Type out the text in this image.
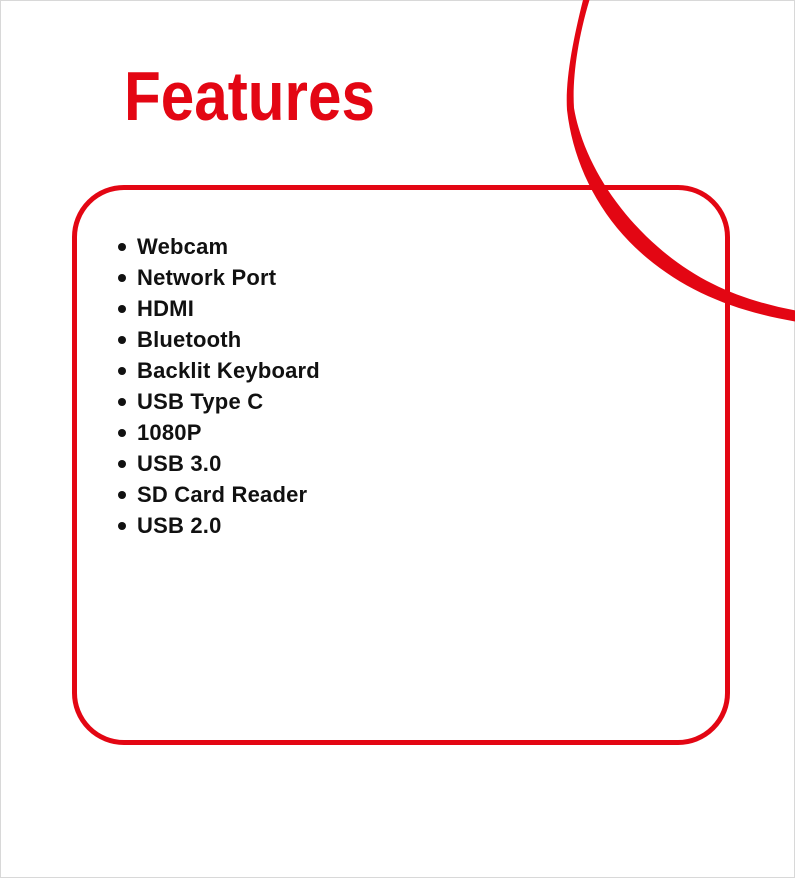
Features
Webcam
Network Port
HDMI
Bluetooth
Backlit Keyboard
USB Type C
1080P
USB 3.0
SD Card Reader
USB 2.0
